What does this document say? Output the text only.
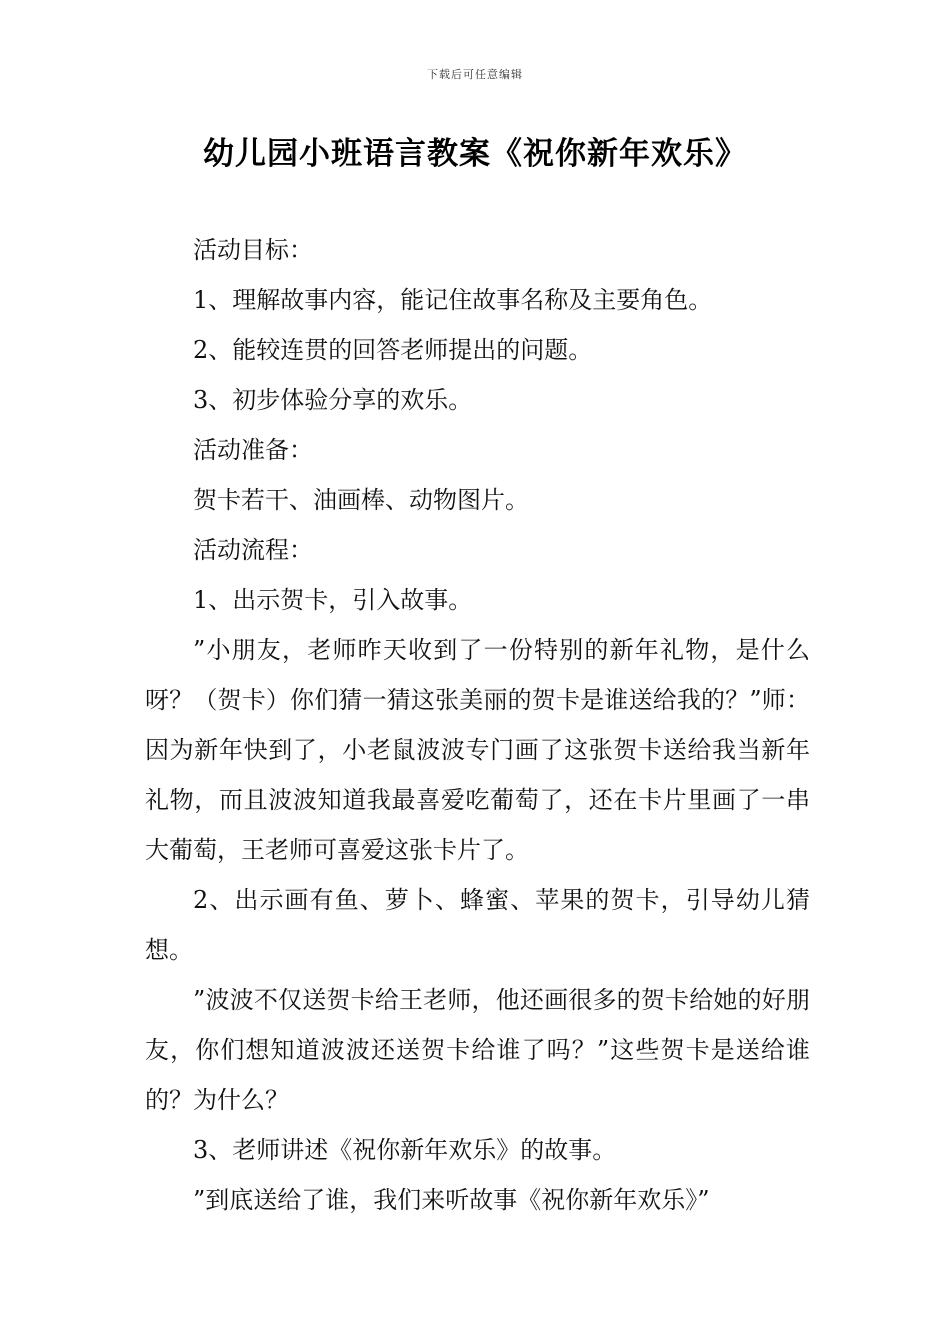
下载后可任意编辑
幼儿园小班语言教案《祝你新年欢乐》

活动目标：

1、理解故事内容，能记住故事名称及主要角色。

2、能较连贯的回答老师提出的问题。

3、初步体验分享的欢乐。

活动准备：

贺卡若干、油画棒、动物图片。

活动流程：

1、出示贺卡，引入故事。

”小朋友，老师昨天收到了一份特别的新年礼物，是什么呀？（贺卡）你们猜一猜这张美丽的贺卡是谁送给我的？”师：因为新年快到了，小老鼠波波专门画了这张贺卡送给我当新年礼物，而且波波知道我最喜爱吃葡萄了，还在卡片里画了一串大葡萄，王老师可喜爱这张卡片了。

2、出示画有鱼、萝卜、蜂蜜、苹果的贺卡，引导幼儿猜想。

”波波不仅送贺卡给王老师，他还画很多的贺卡给她的好朋友，你们想知道波波还送贺卡给谁了吗？”这些贺卡是送给谁的？为什么？

3、老师讲述《祝你新年欢乐》的故事。

”到底送给了谁，我们来听故事《祝你新年欢乐》”
